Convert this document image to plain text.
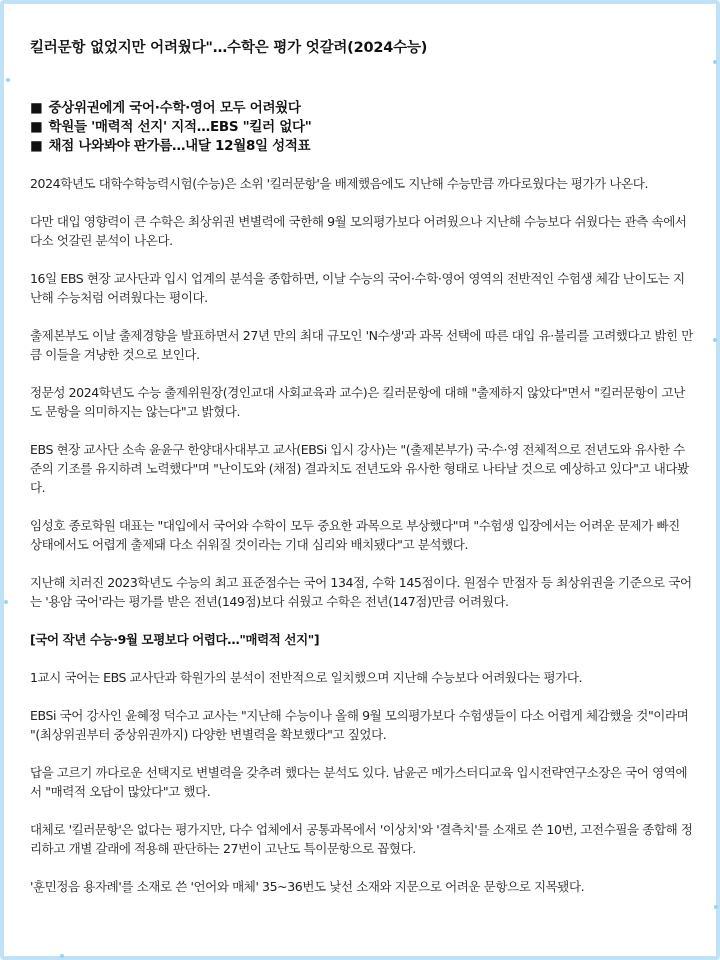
킬러문항 없었지만 어려웠다"…수학은 평가 엇갈려(2024수능)
■ 중상위권에게 국어·수학·영어 모두 어려웠다
■ 학원들 '매력적 선지' 지적…EBS "킬러 없다"
■ 채점 나와봐야 판가름…내달 12월8일 성적표

2024학년도 대학수학능력시험(수능)은 소위 '킬러문항'을 배제했음에도 지난해 수능만큼 까다로웠다는 평가가 나온다.

다만 대입 영향력이 큰 수학은 최상위권 변별력에 국한해 9월 모의평가보다 어려웠으나 지난해 수능보다 쉬웠다는 관측 속에서 다소 엇갈린 분석이 나온다.

16일 EBS 현장 교사단과 입시 업계의 분석을 종합하면, 이날 수능의 국어·수학·영어 영역의 전반적인 수험생 체감 난이도는 지난해 수능처럼 어려웠다는 평이다.

출제본부도 이날 출제경향을 발표하면서 27년 만의 최대 규모인 'N수생'과 과목 선택에 따른 대입 유·불리를 고려했다고 밝힌 만큼 이들을 겨냥한 것으로 보인다.

정문성 2024학년도 수능 출제위원장(경인교대 사회교육과 교수)은 킬러문항에 대해 "출제하지 않았다"면서 "킬러문항이 고난도 문항을 의미하지는 않는다"고 밝혔다.

EBS 현장 교사단 소속 윤윤구 한양대사대부고 교사(EBSi 입시 강사)는 "(출제본부가) 국·수·영 전체적으로 전년도와 유사한 수준의 기조를 유지하려 노력했다"며 "난이도와 (채점) 결과치도 전년도와 유사한 형태로 나타날 것으로 예상하고 있다"고 내다봤다.

임성호 종로학원 대표는 "대입에서 국어와 수학이 모두 중요한 과목으로 부상했다"며 "수험생 입장에서는 어려운 문제가 빠진 상태에서도 어렵게 출제돼 다소 쉬워질 것이라는 기대 심리와 배치됐다"고 분석했다.

지난해 치러진 2023학년도 수능의 최고 표준점수는 국어 134점, 수학 145점이다. 원점수 만점자 등 최상위권을 기준으로 국어는 '용암 국어'라는 평가를 받은 전년(149점)보다 쉬웠고 수학은 전년(147점)만큼 어려웠다.

[국어 작년 수능·9월 모평보다 어렵다…"매력적 선지"]

1교시 국어는 EBS 교사단과 학원가의 분석이 전반적으로 일치했으며 지난해 수능보다 어려웠다는 평가다.

EBSi 국어 강사인 윤혜정 덕수고 교사는 "지난해 수능이나 올해 9월 모의평가보다 수험생들이 다소 어렵게 체감했을 것"이라며 "(최상위권부터 중상위권까지) 다양한 변별력을 확보했다"고 짚었다.

답을 고르기 까다로운 선택지로 변별력을 갖추려 했다는 분석도 있다. 남윤곤 메가스터디교육 입시전략연구소장은 국어 영역에서 "매력적 오답이 많았다"고 했다.

대체로 '킬러문항'은 없다는 평가지만, 다수 업체에서 공통과목에서 '이상치'와 '결측치'를 소재로 쓴 10번, 고전수필을 종합해 정리하고 개별 갈래에 적용해 판단하는 27번이 고난도 특이문항으로 꼽혔다.

'훈민정음 용자례'를 소재로 쓴 '언어와 매체' 35~36번도 낯선 소재와 지문으로 어려운 문항으로 지목됐다.
